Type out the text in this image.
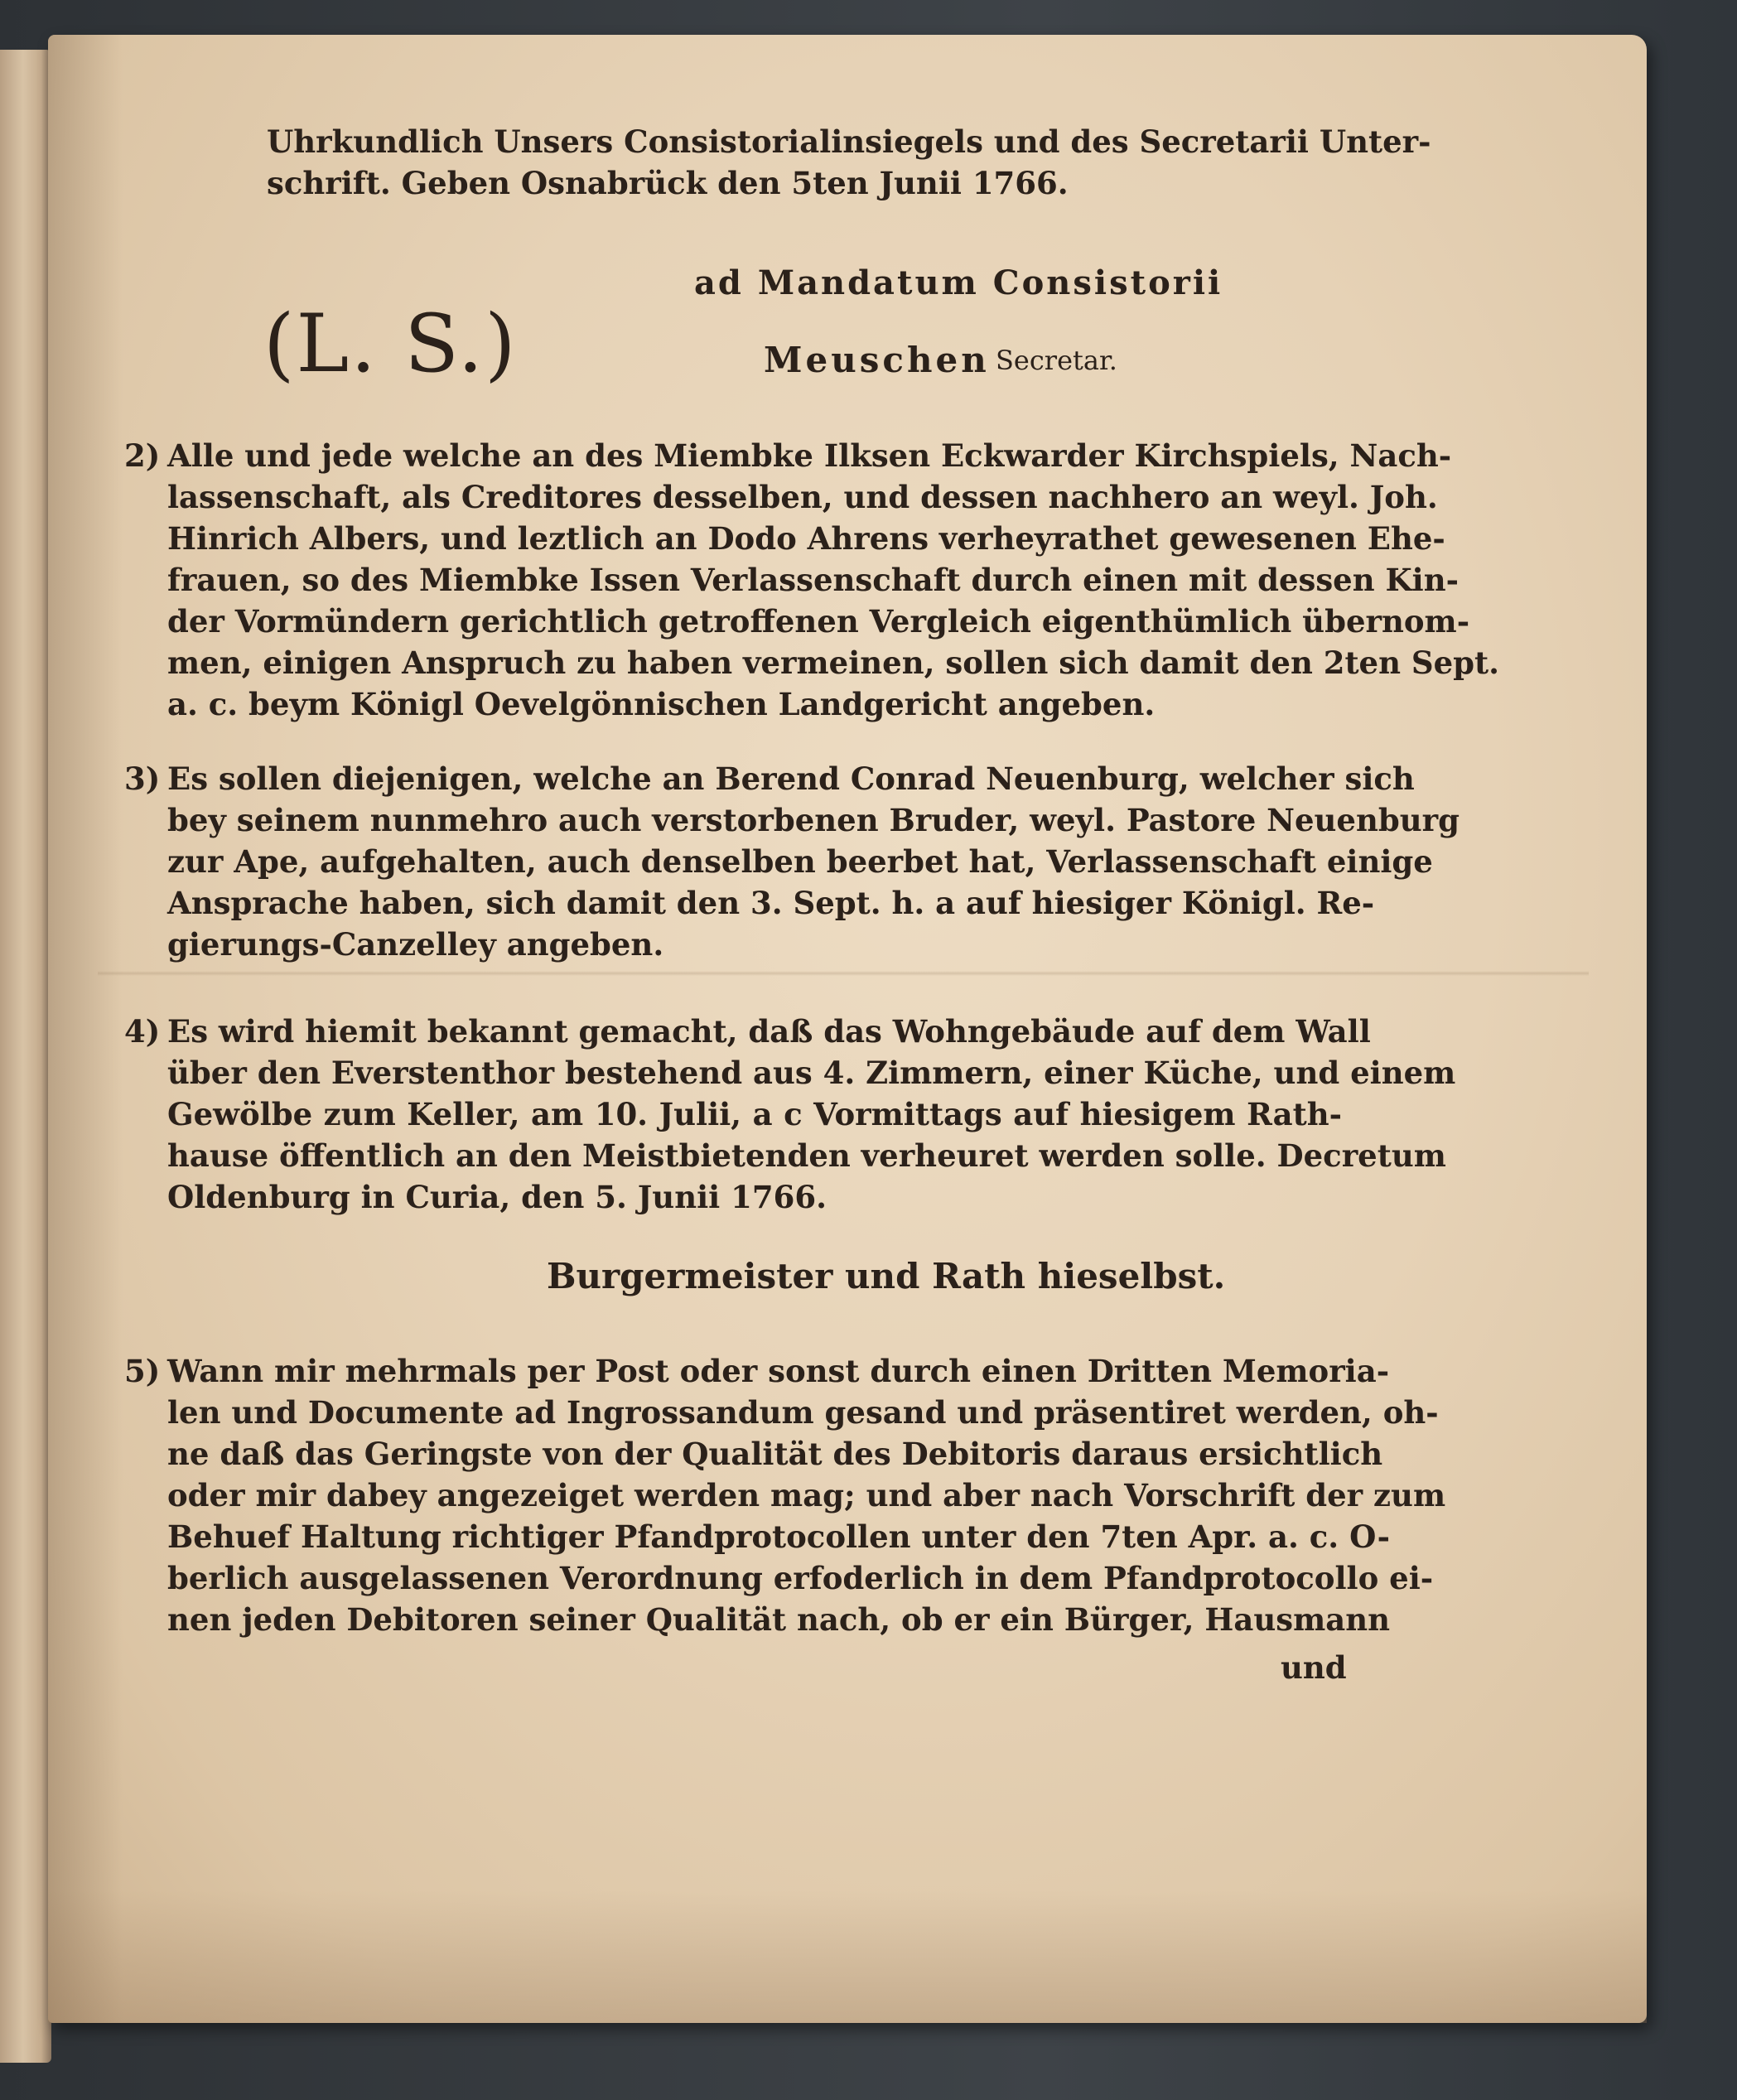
Uhrkundlich Unsers Consistorialinsiegels und des Secretarii Unter-
schrift. Geben Osnabrück den 5ten Junii 1766.
ad Mandatum Consistorii
(L. S.)	Meuschen Secretar.
2) Alle und jede welche an des Miembke Ilksen Eckwarder Kirchspiels, Nach-
lassenschaft, als Creditores desselben, und dessen nachhero an weyl. Joh.
Hinrich Albers, und leztlich an Dodo Ahrens verheyrathet gewesenen Ehe-
frauen, so des Miembke Issen Verlassenschaft durch einen mit dessen Kin-
der Vormündern gerichtlich getroffenen Vergleich eigenthümlich übernom-
men, einigen Anspruch zu haben vermeinen, sollen sich damit den 2ten Sept.
a. c. beym Königl Oevelgönnischen Landgericht angeben.
3) Es sollen diejenigen, welche an Berend Conrad Neuenburg, welcher sich
bey seinem nunmehro auch verstorbenen Bruder, weyl. Pastore Neuenburg
zur Ape, aufgehalten, auch denselben beerbet hat, Verlassenschaft einige
Ansprache haben, sich damit den 3. Sept. h. a auf hiesiger Königl. Re-
gierungs-Canzelley angeben.
4) Es wird hiemit bekannt gemacht, daß das Wohngebäude auf dem Wall
über den Everstenthor bestehend aus 4. Zimmern, einer Küche, und einem
Gewölbe zum Keller, am 10. Julii, a c Vormittags auf hiesigem Rath-
hause öffentlich an den Meistbietenden verheuret werden solle. Decretum
Oldenburg in Curia, den 5. Junii 1766.
Burgermeister und Rath hieselbst.
5) Wann mir mehrmals per Post oder sonst durch einen Dritten Memoria-
len und Documente ad Ingrossandum gesand und präsentiret werden, oh-
ne daß das Geringste von der Qualität des Debitoris daraus ersichtlich
oder mir dabey angezeiget werden mag; und aber nach Vorschrift der zum
Behuef Haltung richtiger Pfandprotocollen unter den 7ten Apr. a. c. O-
berlich ausgelassenen Verordnung erfoderlich in dem Pfandprotocollo ei-
nen jeden Debitoren seiner Qualität nach, ob er ein Bürger, Hausmann
und
